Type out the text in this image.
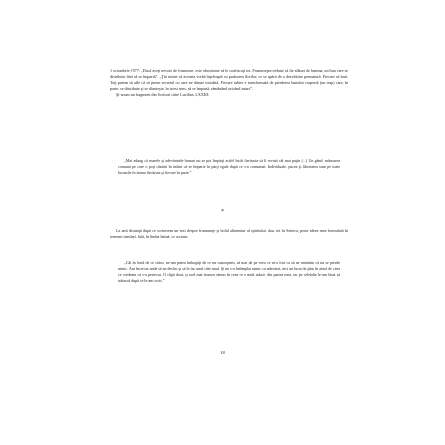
1 octombrie 1977: „Dacă aveţi nevoie de frumoase, este obositoare să le confiscaţi tot. Frumuseţea trebuie să fie alături de lumina, un bun care se distribuie fără să se împartă”. „Ţin minte că aceasta vorbă înţeleaptă cu pudoarea florilor, ce se apără de o dezvăluire prematură. Fiecare să însă. Toţi putem să afle că să ţinem secretul cu care ne dăruie nicidată. Fiecare iubire e transformată de pierderea bunului corporal (un trup) care, în parte, se distribuie şi se dăruieşte, în acest sens, să se împartă, rămânând oricând intact”.

Şi-acum un fragment din Scrisori către Lucilius, LXXIII:

„Mai adaug că marele şi adevăratele bunuri nu se pot împărţi astfel încât fiecăruia să îi revină cât mai puţin (...) Un gând, mâncarea comună pe care o poţi cântări în mâini că se împarte în părţi egale după ce s-a consumat. Individuale, pacea şi libertatea sunt pe toate lucrurile în inima fiecăruia şi fiecare în parte.”

*

La anii distanţă după ce scrisesem un text despre frumuseţe şi bolul alimentar al spiritului, dau, tot în Seneca, peste ideea mea formulată în termeni similari. Iată, în limba latină, ce scriam:

„Cât în fond de ce citim, ne-am putea îmbogăţi de ce nu cunoaştem, să mai de pe ceea ce ni-a fost ca să ne amintim că nu se pierde nimic. Am încercat unde să ne desfac şi să le fac unul câte unul. Şi nu s-a întâmplat nimic cu adevărat, nici un lucru în plus în afară de ceea ce credeam că s-a petrecut. O clipă doar, şi acel mai frumos rămas în ceea ce e mult aduce, din partea mea, iar pe celelalte le-am lăsat să trăiască după ce le-am scris.”

18
